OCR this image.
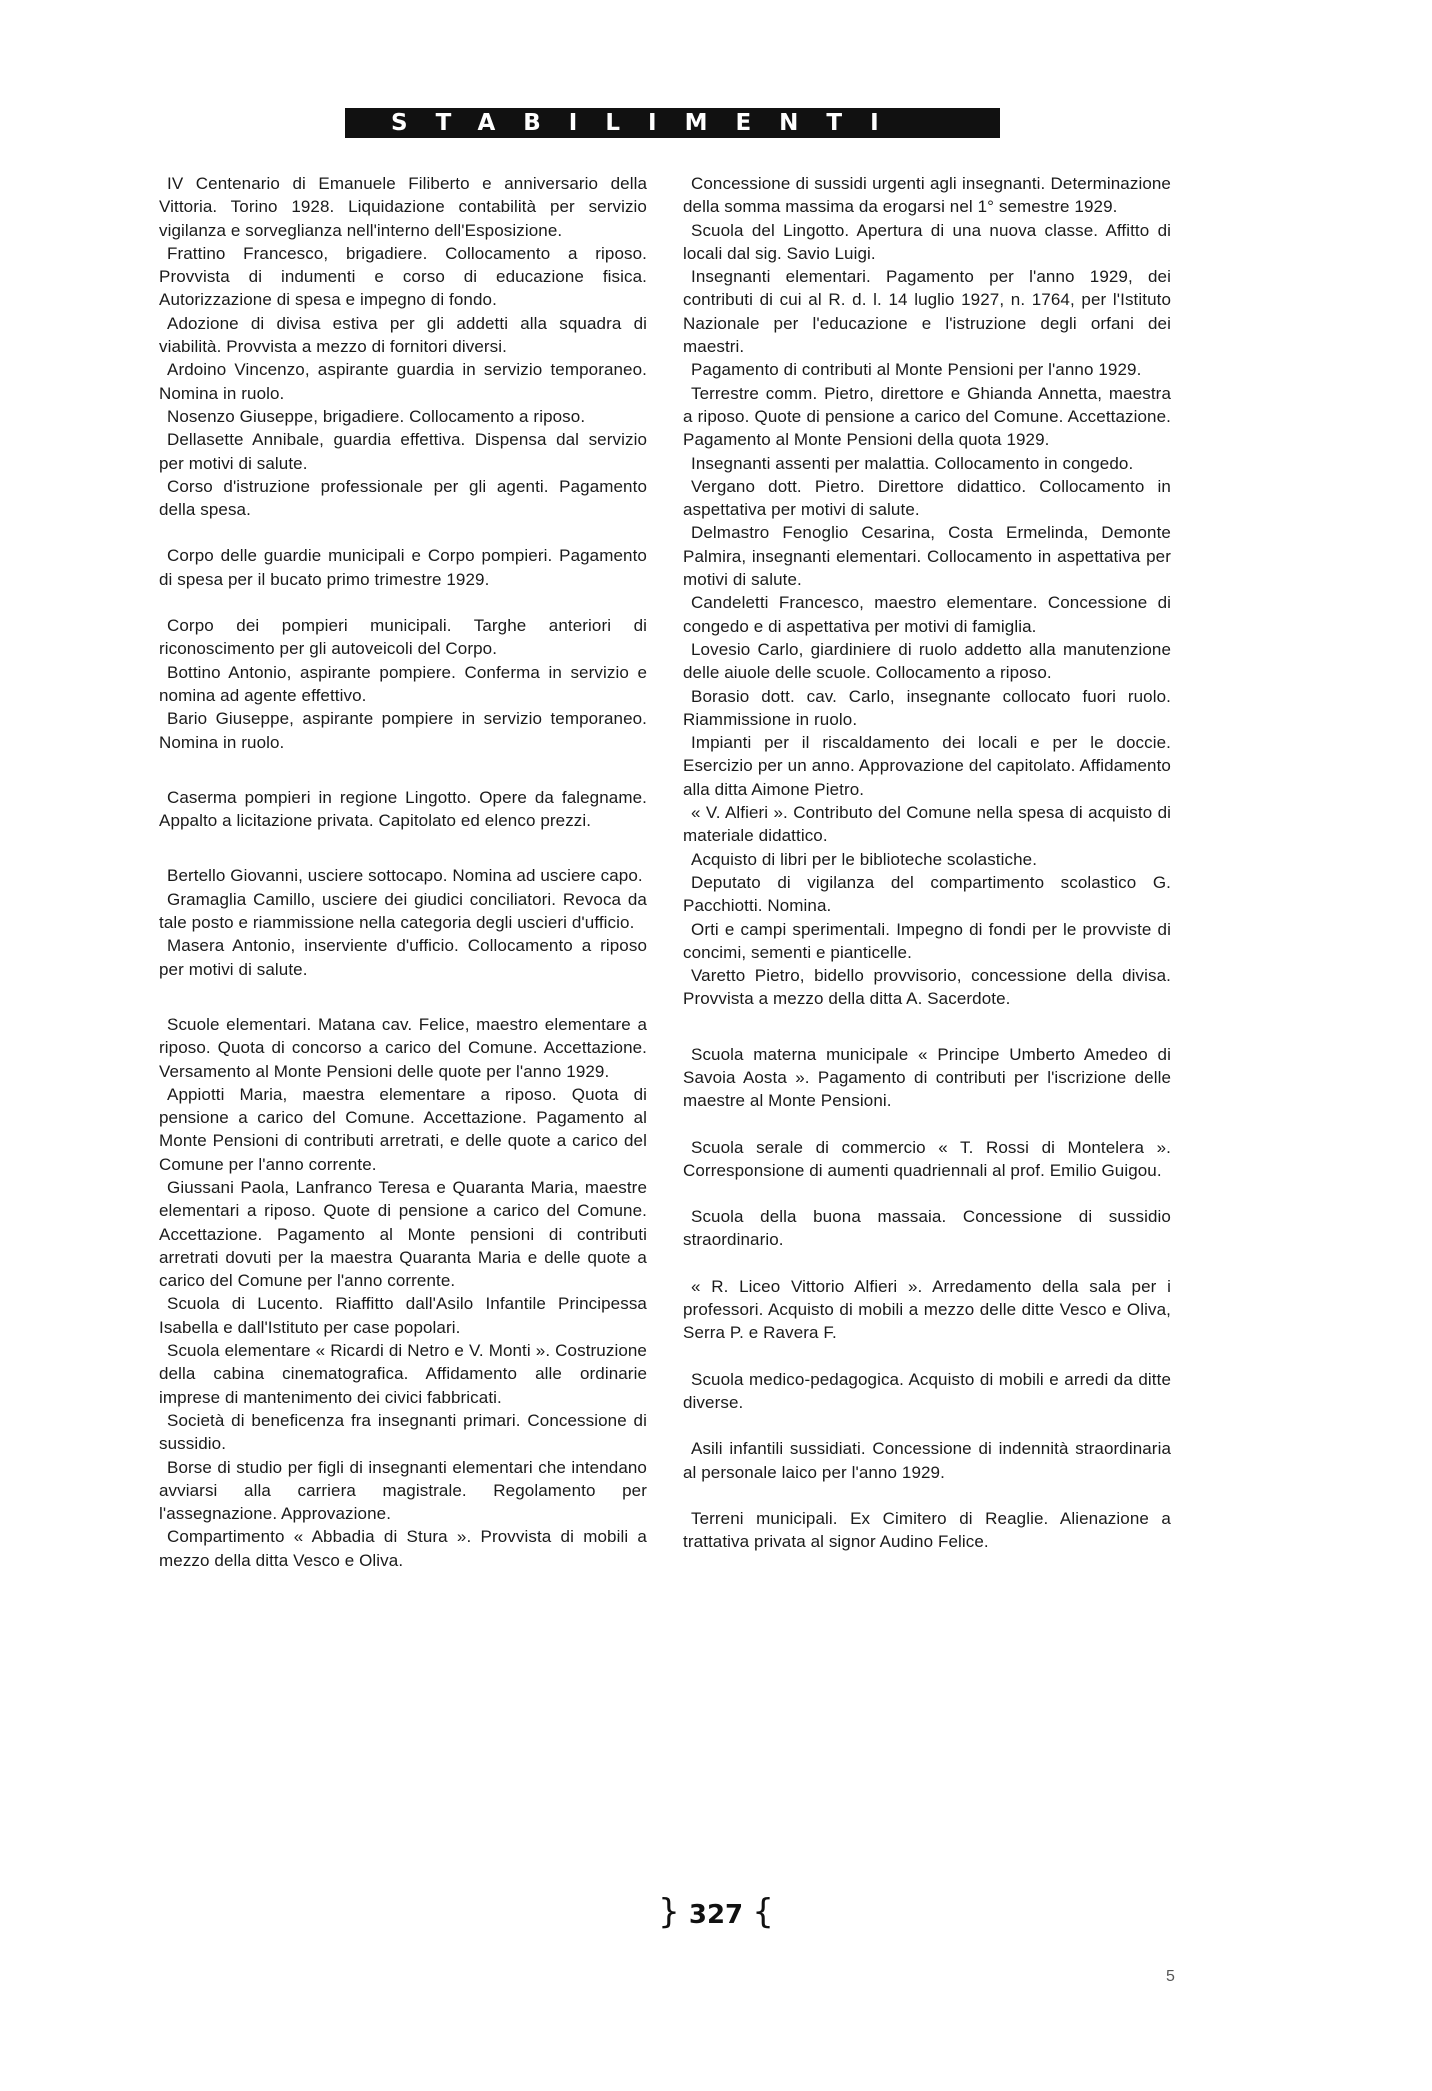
STABILIMENTI

IV Centenario di Emanuele Filiberto e anniversario della Vittoria. Torino 1928. Liquidazione contabilità per servizio vigilanza e sorveglianza nell'interno dell'Esposizione.

Frattino Francesco, brigadiere. Collocamento a riposo. Provvista di indumenti e corso di educazione fisica. Autorizzazione di spesa e impegno di fondo.

Adozione di divisa estiva per gli addetti alla squadra di viabilità. Provvista a mezzo di fornitori diversi.

Ardoino Vincenzo, aspirante guardia in servizio temporaneo. Nomina in ruolo.

Nosenzo Giuseppe, brigadiere. Collocamento a riposo.

Dellasette Annibale, guardia effettiva. Dispensa dal servizio per motivi di salute.

Corso d'istruzione professionale per gli agenti. Pagamento della spesa.

Corpo delle guardie municipali e Corpo pompieri. Pagamento di spesa per il bucato primo trimestre 1929.

Corpo dei pompieri municipali. Targhe anteriori di riconoscimento per gli autoveicoli del Corpo.

Bottino Antonio, aspirante pompiere. Conferma in servizio e nomina ad agente effettivo.

Bario Giuseppe, aspirante pompiere in servizio temporaneo. Nomina in ruolo.

Caserma pompieri in regione Lingotto. Opere da falegname. Appalto a licitazione privata. Capitolato ed elenco prezzi.

Bertello Giovanni, usciere sottocapo. Nomina ad usciere capo.

Gramaglia Camillo, usciere dei giudici conciliatori. Revoca da tale posto e riammissione nella categoria degli uscieri d'ufficio.

Masera Antonio, inserviente d'ufficio. Collocamento a riposo per motivi di salute.

Scuole elementari. Matana cav. Felice, maestro elementare a riposo. Quota di concorso a carico del Comune. Accettazione. Versamento al Monte Pensioni delle quote per l'anno 1929.

Appiotti Maria, maestra elementare a riposo. Quota di pensione a carico del Comune. Accettazione. Pagamento al Monte Pensioni di contributi arretrati, e delle quote a carico del Comune per l'anno corrente.

Giussani Paola, Lanfranco Teresa e Quaranta Maria, maestre elementari a riposo. Quote di pensione a carico del Comune. Accettazione. Pagamento al Monte pensioni di contributi arretrati dovuti per la maestra Quaranta Maria e delle quote a carico del Comune per l'anno corrente.

Scuola di Lucento. Riaffitto dall'Asilo Infantile Principessa Isabella e dall'Istituto per case popolari.

Scuola elementare « Ricardi di Netro e V. Monti ». Costruzione della cabina cinematografica. Affidamento alle ordinarie imprese di mantenimento dei civici fabbricati.

Società di beneficenza fra insegnanti primari. Concessione di sussidio.

Borse di studio per figli di insegnanti elementari che intendano avviarsi alla carriera magistrale. Regolamento per l'assegnazione. Approvazione.

Compartimento « Abbadia di Stura ». Provvista di mobili a mezzo della ditta Vesco e Oliva.

Concessione di sussidi urgenti agli insegnanti. Determinazione della somma massima da erogarsi nel 1° semestre 1929.

Scuola del Lingotto. Apertura di una nuova classe. Affitto di locali dal sig. Savio Luigi.

Insegnanti elementari. Pagamento per l'anno 1929, dei contributi di cui al R. d. l. 14 luglio 1927, n. 1764, per l'Istituto Nazionale per l'educazione e l'istruzione degli orfani dei maestri.

Pagamento di contributi al Monte Pensioni per l'anno 1929.

Terrestre comm. Pietro, direttore e Ghianda Annetta, maestra a riposo. Quote di pensione a carico del Comune. Accettazione. Pagamento al Monte Pensioni della quota 1929.

Insegnanti assenti per malattia. Collocamento in congedo.

Vergano dott. Pietro. Direttore didattico. Collocamento in aspettativa per motivi di salute.

Delmastro Fenoglio Cesarina, Costa Ermelinda, Demonte Palmira, insegnanti elementari. Collocamento in aspettativa per motivi di salute.

Candeletti Francesco, maestro elementare. Concessione di congedo e di aspettativa per motivi di famiglia.

Lovesio Carlo, giardiniere di ruolo addetto alla manutenzione delle aiuole delle scuole. Collocamento a riposo.

Borasio dott. cav. Carlo, insegnante collocato fuori ruolo. Riammissione in ruolo.

Impianti per il riscaldamento dei locali e per le doccie. Esercizio per un anno. Approvazione del capitolato. Affidamento alla ditta Aimone Pietro.

« V. Alfieri ». Contributo del Comune nella spesa di acquisto di materiale didattico.

Acquisto di libri per le biblioteche scolastiche.

Deputato di vigilanza del compartimento scolastico G. Pacchiotti. Nomina.

Orti e campi sperimentali. Impegno di fondi per le provviste di concimi, sementi e pianticelle.

Varetto Pietro, bidello provvisorio, concessione della divisa. Provvista a mezzo della ditta A. Sacerdote.

Scuola materna municipale « Principe Umberto Amedeo di Savoia Aosta ». Pagamento di contributi per l'iscrizione delle maestre al Monte Pensioni.

Scuola serale di commercio « T. Rossi di Montelera ». Corresponsione di aumenti quadriennali al prof. Emilio Guigou.

Scuola della buona massaia. Concessione di sussidio straordinario.

« R. Liceo Vittorio Alfieri ». Arredamento della sala per i professori. Acquisto di mobili a mezzo delle ditte Vesco e Oliva, Serra P. e Ravera F.

Scuola medico-pedagogica. Acquisto di mobili e arredi da ditte diverse.

Asili infantili sussidiati. Concessione di indennità straordinaria al personale laico per l'anno 1929.

Terreni municipali. Ex Cimitero di Reaglie. Alienazione a trattativa privata al signor Audino Felice.

} 327 {
5
